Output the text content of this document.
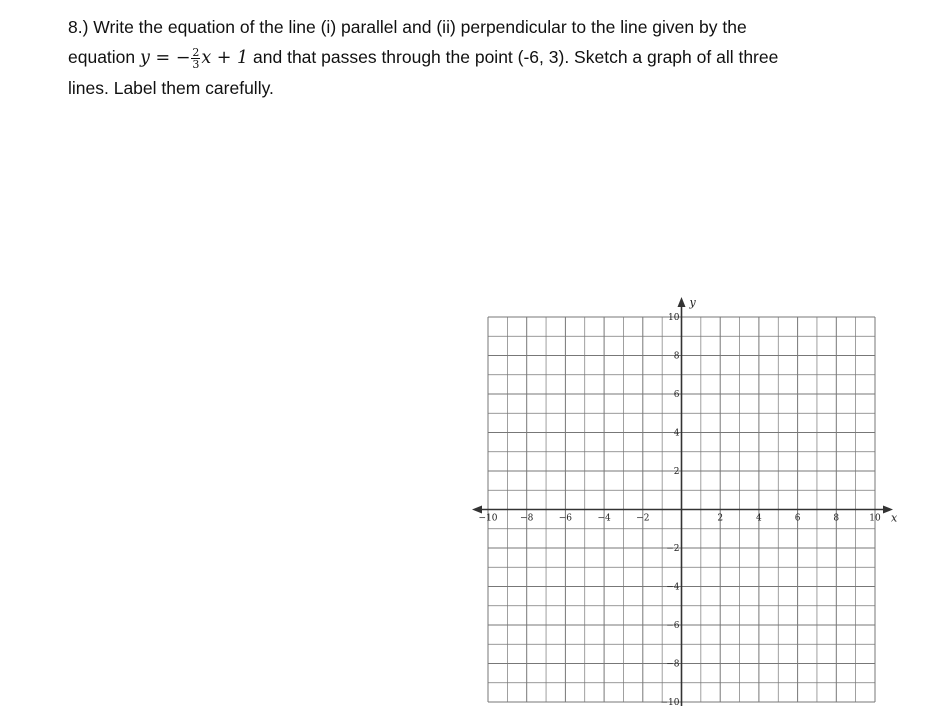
8.) Write the equation of the line (i) parallel and (ii) perpendicular to the line given by the
equation y = − $\frac{2}{3}$ x + 1 and that passes through the point (-6, 3). Sketch a graph of all three
lines. Label them carefully.
x
y
−10	−8	−6	−4	−2	2	4	6	8	10
10
8
6
4
2
−2
−4
−6
−8
−10
